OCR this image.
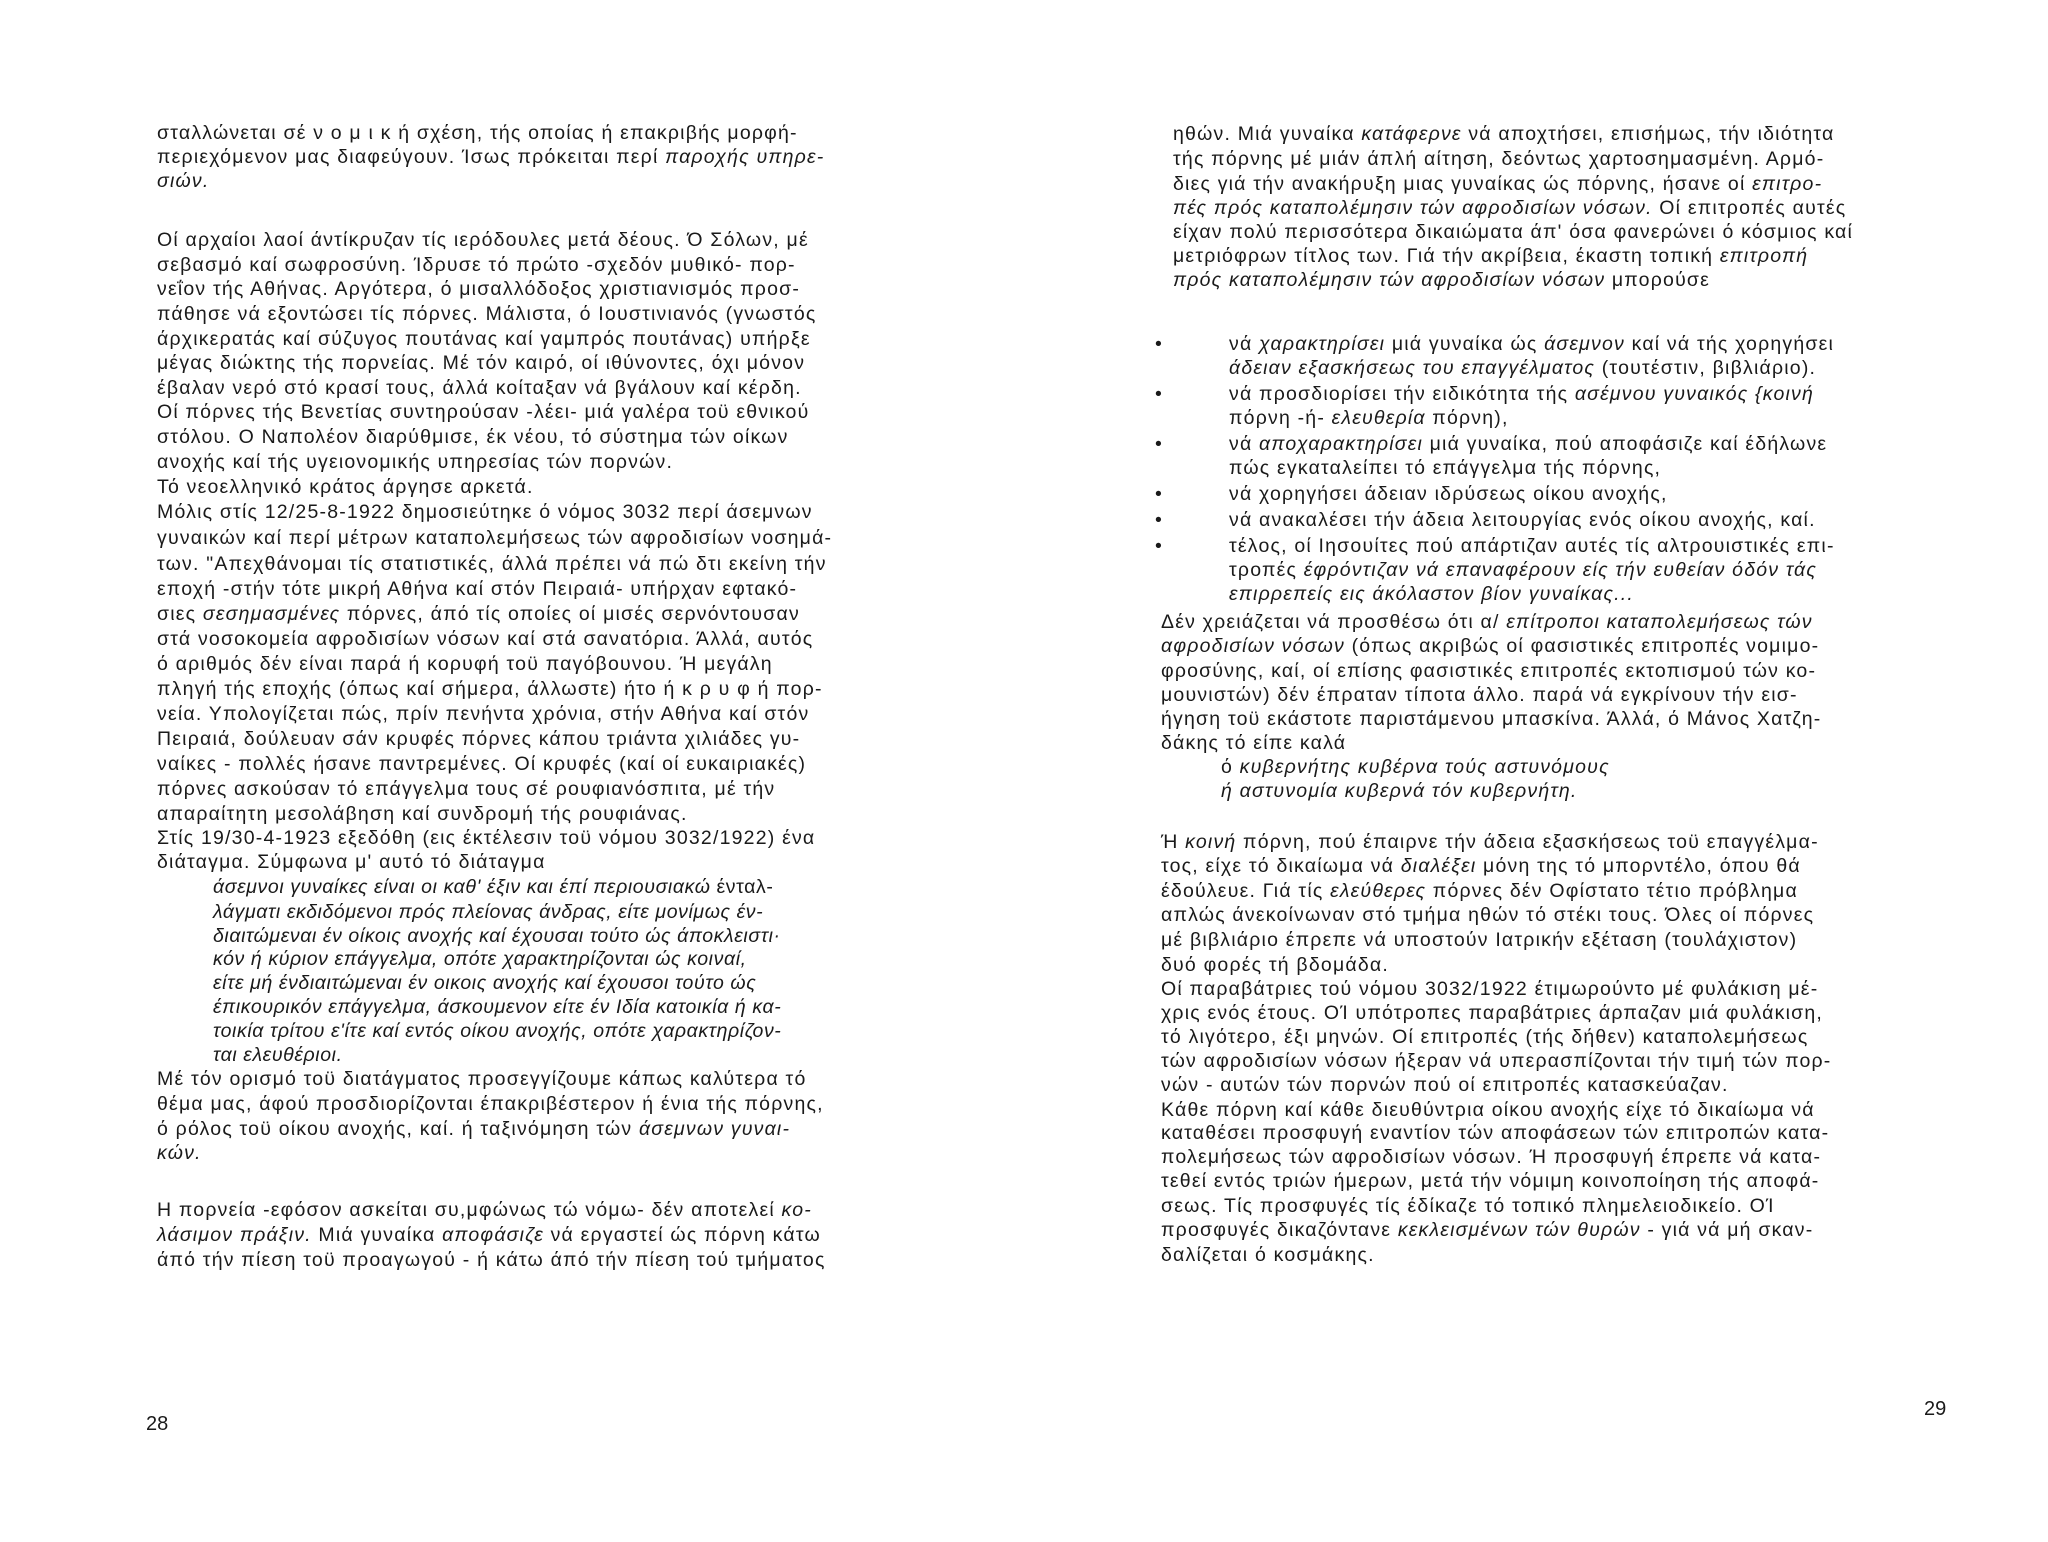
σταλλώνεται σέ ν ο μ ι κ ή σχέση, τής οποίας ή επακριβής μορφή-
περιεχόμενον μας διαφεύγουν. Ίσως πρόκειται περί παροχής υπηρε-
σιών.
Οί αρχαίοι λαοί άντίκρυζαν τίς ιερόδουλες μετά δέους. Ό Σόλων, μέ
σεβασμό καί σωφροσύνη. Ίδρυσε τό πρώτο -σχεδόν μυθικό- πορ-
νεΐον τής Αθήνας. Αργότερα, ό μισαλλόδοξος χριστιανισμός προσ-
πάθησε νά εξοντώσει τίς πόρνες. Μάλιστα, ό Ιουστινιανός (γνωστός
άρχικερατάς καί σύζυγος πουτάνας καί γαμπρός πουτάνας) υπήρξε
μέγας διώκτης τής πορνείας. Μέ τόν καιρό, οί ιθύνοντες, όχι μόνον
έβαλαν νερό στό κρασί τους, άλλά κοίταξαν νά βγάλουν καί κέρδη.
Οί πόρνες τής Βενετίας συντηρούσαν -λέει- μιά γαλέρα τοϋ εθνικού
στόλου. Ο Ναπολέον διαρύθμισε, έκ νέου, τό σύστημα τών οίκων
ανοχής καί τής υγειονομικής υπηρεσίας τών πορνών.
Τό νεοελληνικό κράτος άργησε αρκετά.
Μόλις στίς 12/25-8-1922 δημοσιεύτηκε ό νόμος 3032 περί άσεμνων
γυναικών καί περί μέτρων καταπολεμήσεως τών αφροδισίων νοσημά-
των. "Απεχθάνομαι τίς στατιστικές, άλλά πρέπει νά πώ δτι εκείνη τήν
εποχή -στήν τότε μικρή Αθήνα καί στόν Πειραιά- υπήρχαν εφτακό-
σιες σεσημασμένες πόρνες, άπό τίς οποίες οί μισές σερνόντουσαν
στά νοσοκομεία αφροδισίων νόσων καί στά σανατόρια. Άλλά, αυτός
ό αριθμός δέν είναι παρά ή κορυφή τοϋ παγόβουνου. Ή μεγάλη
πληγή τής εποχής (όπως καί σήμερα, άλλωστε) ήτο ή κ ρ υ φ ή πορ-
νεία. Υπολογίζεται πώς, πρίν πενήντα χρόνια, στήν Αθήνα καί στόν
Πειραιά, δούλευαν σάν κρυφές πόρνες κάπου τριάντα χιλιάδες γυ-
ναίκες - πολλές ήσανε παντρεμένες. Οί κρυφές (καί οί ευκαιριακές)
πόρνες ασκούσαν τό επάγγελμα τους σέ ρουφιανόσπιτα, μέ τήν
απαραίτητη μεσολάβηση καί συνδρομή τής ρουφιάνας.
Στίς 19/30-4-1923 εξεδόθη (εις έκτέλεσιν τοϋ νόμου 3032/1922) ένα
διάταγμα. Σύμφωνα μ' αυτό τό διάταγμα
άσεμνοι γυναίκες είναι οι καθ' έξιν και έπί περιουσιακώ ένταλ-
λάγματι εκδιδόμενοι πρός πλείονας άνδρας, είτε μονίμως έν-
διαιτώμεναι έν οίκοις ανοχής καί έχουσαι τούτο ώς άποκλειστι·
κόν ή κύριον επάγγελμα, οπότε χαρακτηρίζονται ώς κοιναί,
είτε μή ένδιαιτώμεναι έν οικοις ανοχής καί έχουσοι τούτο ώς
έπικουρικόν επάγγελμα, άσκουμενον είτε έν Ιδία κατοικία ή κα-
τοικία τρίτου ε'ίτε καί εντός οίκου ανοχής, οπότε χαρακτηρίζον-
ται ελευθέριοι.
Μέ τόν ορισμό τοϋ διατάγματος προσεγγίζουμε κάπως καλύτερα τό
θέμα μας, άφού προσδιορίζονται έπακριβέστερον ή ένια τής πόρνης,
ό ρόλος τοϋ οίκου ανοχής, καί. ή ταξινόμηση τών άσεμνων γυναι-
κών.
Η πορνεία -εφόσον ασκείται συ,μφώνως τώ νόμω- δέν αποτελεί κο-
λάσιμον πράξιν. Μιά γυναίκα αποφάσιζε νά εργαστεί ώς πόρνη κάτω
άπό τήν πίεση τοϋ προαγωγού - ή κάτω άπό τήν πίεση τού τμήματος
28
ηθών. Μιά γυναίκα κατάφερνε νά αποχτήσει, επισήμως, τήν ιδιότητα
τής πόρνης μέ μιάν άπλή αίτηση, δεόντως χαρτοσημασμένη. Αρμό-
διες γιά τήν ανακήρυξη μιας γυναίκας ώς πόρνης, ήσανε οί επιτρο-
πές πρός καταπολέμησιν τών αφροδισίων νόσων. Οί επιτροπές αυτές
είχαν πολύ περισσότερα δικαιώματα άπ' όσα φανερώνει ό κόσμιος καί
μετριόφρων τίτλος των. Γιά τήν ακρίβεια, έκαστη τοπική επιτροπή
πρός καταπολέμησιν τών αφροδισίων νόσων μπορούσε
•	νά χαρακτηρίσει μιά γυναίκα ώς άσεμνον καί νά τής χορηγήσει
άδειαν εξασκήσεως του επαγγέλματος (τουτέστιν, βιβλιάριο).
•	νά προσδιορίσει τήν ειδικότητα τής ασέμνου γυναικός {κοινή
πόρνη -ή- ελευθερία πόρνη),
•	νά αποχαρακτηρίσει μιά γυναίκα, πού αποφάσιζε καί έδήλωνε
πώς εγκαταλείπει τό επάγγελμα τής πόρνης,
•	νά χορηγήσει άδειαν ιδρύσεως οίκου ανοχής,
•	νά ανακαλέσει τήν άδεια λειτουργίας ενός οίκου ανοχής, καί.
•	τέλος, οί Ιησουίτες πού απάρτιζαν αυτές τίς αλτρουιστικές επι-
τροπές έφρόντιζαν νά επαναφέρουν είς τήν ευθείαν όδόν τάς
επιρρεπείς εις άκόλαστον βίον γυναίκας...
Δέν χρειάζεται νά προσθέσω ότι α/ επίτροποι καταπολεμήσεως τών
αφροδισίων νόσων (όπως ακριβώς οί φασιστικές επιτροπές νομιμο-
φροσύνης, καί, οί επίσης φασιστικές επιτροπές εκτοπισμού τών κο-
μουνιστών) δέν έπραταν τίποτα άλλο. παρά νά εγκρίνουν τήν εισ-
ήγηση τοϋ εκάστοτε παριστάμενου μπασκίνα. Άλλά, ό Μάνος Χατζη-
δάκης τό είπε καλά
ό κυβερνήτης κυβέρνα τούς αστυνόμους
ή αστυνομία κυβερνά τόν κυβερνήτη.
Ή κοινή πόρνη, πού έπαιρνε τήν άδεια εξασκήσεως τοϋ επαγγέλμα-
τος, είχε τό δικαίωμα νά διαλέξει μόνη της τό μπορντέλο, όπου θά
έδούλευε. Γιά τίς ελεύθερες πόρνες δέν Οφίστατο τέτιο πρόβλημα
απλώς άνεκοίνωναν στό τμήμα ηθών τό στέκι τους. Όλες οί πόρνες
μέ βιβλιάριο έπρεπε νά υποστούν Ιατρικήν εξέταση (τουλάχιστον)
δυό φορές τή βδομάδα.
Οί παραβάτριες τού νόμου 3032/1922 έτιμωρούντο μέ φυλάκιση μέ-
χρις ενός έτους. ΟΊ υπότροπες παραβάτριες άρπαζαν μιά φυλάκιση,
τό λιγότερο, έξι μηνών. Οί επιτροπές (τής δήθεν) καταπολεμήσεως
τών αφροδισίων νόσων ήξεραν νά υπερασπίζονται τήν τιμή τών πορ-
νών - αυτών τών πορνών πού οί επιτροπές κατασκεύαζαν.
Κάθε πόρνη καί κάθε διευθύντρια οίκου ανοχής είχε τό δικαίωμα νά
καταθέσει προσφυγή εναντίον τών αποφάσεων τών επιτροπών κατα-
πολεμήσεως τών αφροδισίων νόσων. Ή προσφυγή έπρεπε νά κατα-
τεθεί εντός τριών ήμερων, μετά τήν νόμιμη κοινοποίηση τής αποφά-
σεως. Τίς προσφυγές τίς έδίκαζε τό τοπικό πλημελειοδικείο. ΟΊ
προσφυγές δικαζόντανε κεκλεισμένων τών θυρών - γιά νά μή σκαν-
δαλίζεται ό κοσμάκης.
29
